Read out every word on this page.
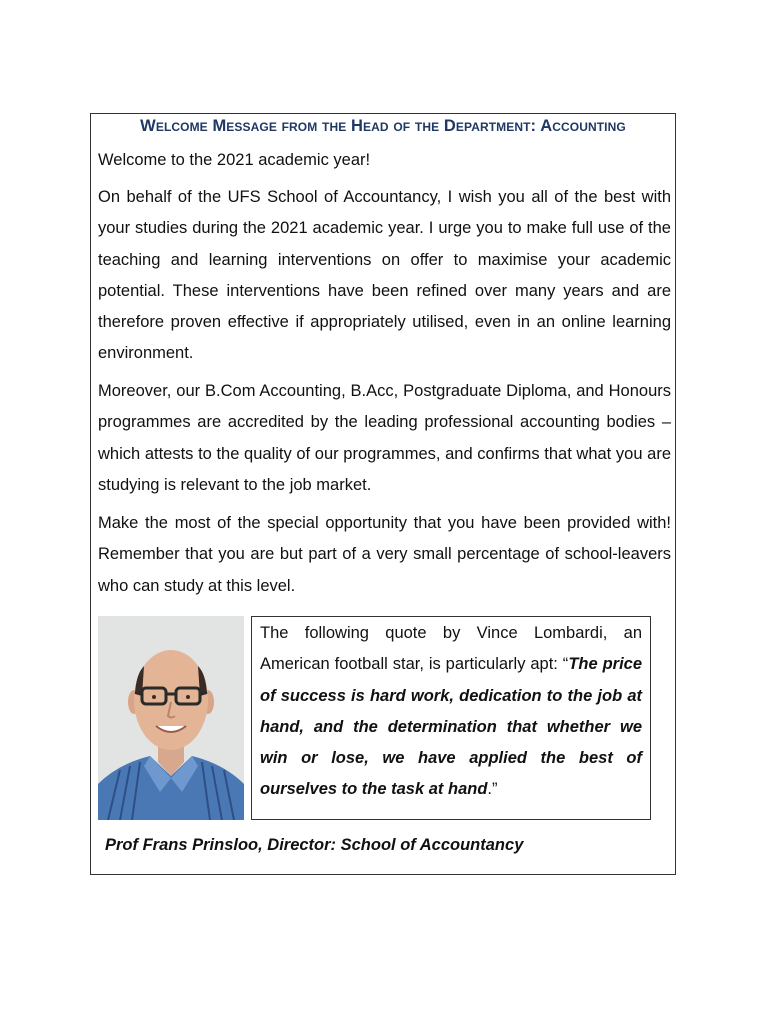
Welcome Message from the Head of the Department: Accounting

Welcome to the 2021 academic year!

On behalf of the UFS School of Accountancy, I wish you all of the best with your studies during the 2021 academic year. I urge you to make full use of the teaching and learning interventions on offer to maximise your academic potential. These interventions have been refined over many years and are therefore proven effective if appropriately utilised, even in an online learning environment.

Moreover, our B.Com Accounting, B.Acc, Postgraduate Diploma, and Honours programmes are accredited by the leading professional accounting bodies – which attests to the quality of our programmes, and confirms that what you are studying is relevant to the job market.

Make the most of the special opportunity that you have been provided with! Remember that you are but part of a very small percentage of school-leavers who can study at this level.

The following quote by Vince Lombardi, an American football star, is particularly apt: “The price of success is hard work, dedication to the job at hand, and the determination that whether we win or lose, we have applied the best of ourselves to the task at hand.”

Prof Frans Prinsloo, Director: School of Accountancy
